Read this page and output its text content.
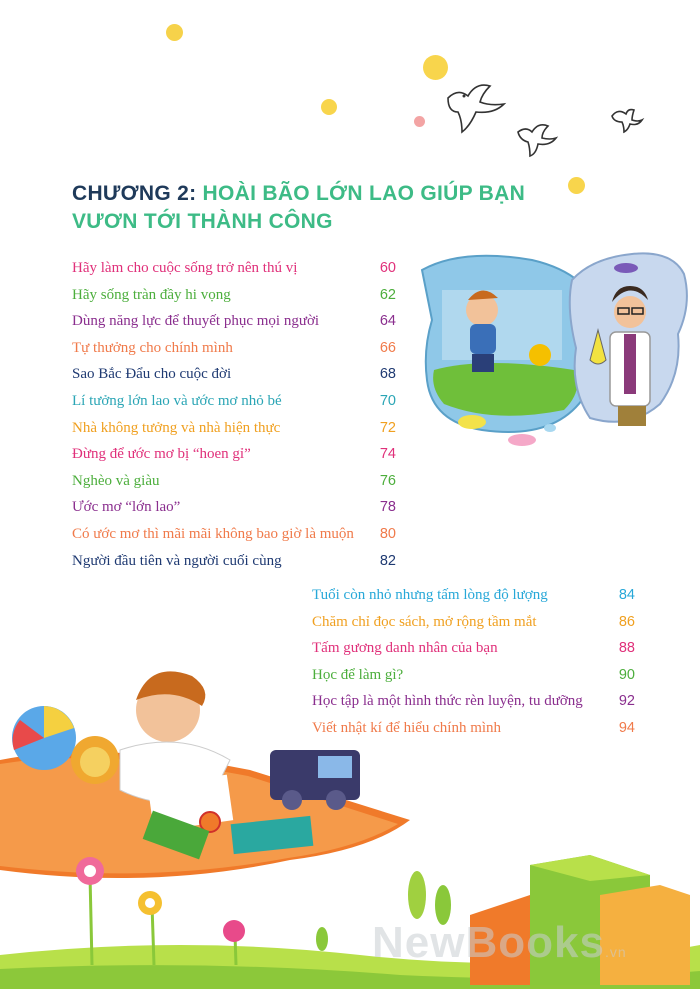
CHƯƠNG 2: HOÀI BÃO LỚN LAO GIÚP BẠN
VƯƠN TỚI THÀNH CÔNG
Hãy làm cho cuộc sống trở nên thú vị	60
Hãy sống tràn đầy hi vọng	62
Dùng năng lực để thuyết phục mọi người	64
Tự thưởng cho chính mình	66
Sao Bắc Đẩu cho cuộc đời	68
Lí tưởng lớn lao và ước mơ nhỏ bé	70
Nhà không tưởng và nhà hiện thực	72
Đừng để ước mơ bị “hoen gỉ”	74
Nghèo và giàu	76
Ước mơ “lớn lao”	78
Có ước mơ thì mãi mãi không bao giờ là muộn 80
Người đầu tiên và người cuối cùng	82
Tuổi còn nhỏ nhưng tấm lòng độ lượng	84
Chăm chỉ đọc sách, mở rộng tầm mắt	86
Tấm gương danh nhân của bạn	88
Học để làm gì?	90
Học tập là một hình thức rèn luyện, tu dưỡng 92
Viết nhật kí để hiểu chính mình	94
NewBooks.vn
